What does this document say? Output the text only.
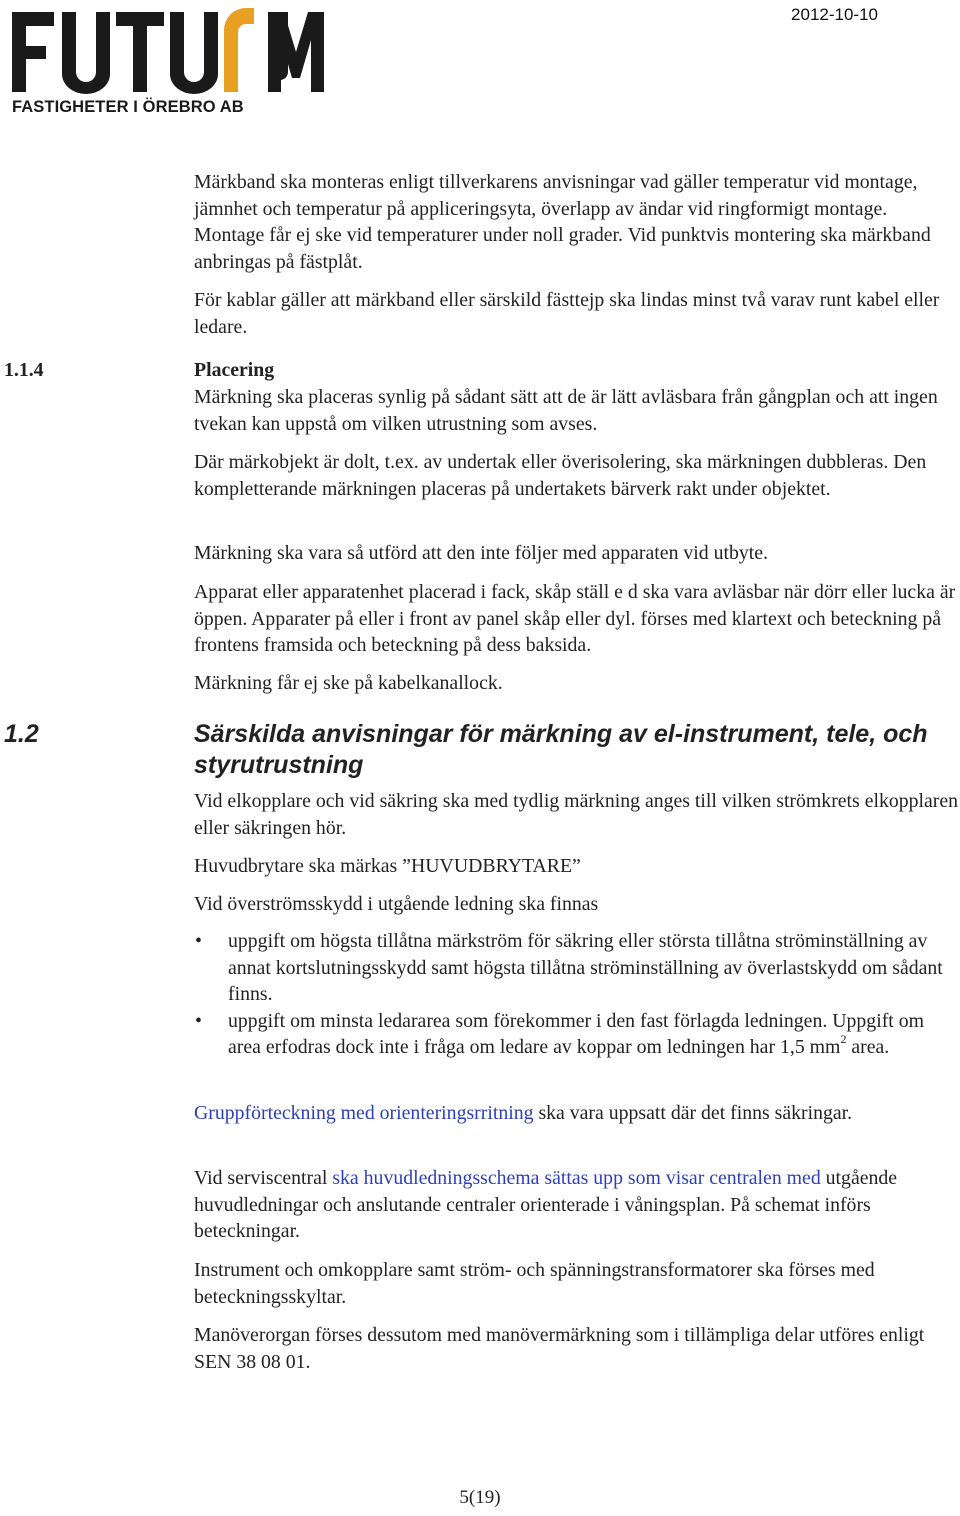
FASTIGHETER I ÖREBRO AB
2012-10-10

Märkband ska monteras enligt tillverkarens anvisningar vad gäller temperatur vid montage, jämnhet och temperatur på appliceringsyta, överlapp av ändar vid ringformigt montage. Montage får ej ske vid temperaturer under noll grader. Vid punktvis montering ska märkband anbringas på fästplåt.

För kablar gäller att märkband eller särskild fästtejp ska lindas minst två varav runt kabel eller ledare.

1.1.4	Placering

Märkning ska placeras synlig på sådant sätt att de är lätt avläsbara från gångplan och att ingen tvekan kan uppstå om vilken utrustning som avses.

Där märkobjekt är dolt, t.ex. av undertak eller överisolering, ska märkningen dubbleras. Den kompletterande märkningen placeras på undertakets bärverk rakt under objektet.

Märkning ska vara så utförd att den inte följer med apparaten vid utbyte.

Apparat eller apparatenhet placerad i fack, skåp ställ e d ska vara avläsbar när dörr eller lucka är öppen. Apparater på eller i front av panel skåp eller dyl. förses med klartext och beteckning på frontens framsida och beteckning på dess baksida.

Märkning får ej ske på kabelkanallock.

1.2	Särskilda anvisningar för märkning av el-instrument, tele, och styrutrustning

Vid elkopplare och vid säkring ska med tydlig märkning anges till vilken strömkrets elkopplaren eller säkringen hör.

Huvudbrytare ska märkas ”HUVUDBRYTARE”

Vid överströmsskydd i utgående ledning ska finnas

• uppgift om högsta tillåtna märkström för säkring eller största tillåtna ströminställning av annat kortslutningsskydd samt högsta tillåtna ströminställning av överlastskydd om sådant finns.
• uppgift om minsta ledararea som förekommer i den fast förlagda ledningen. Uppgift om area erfodras dock inte i fråga om ledare av koppar om ledningen har 1,5 $mm^2$ area.

Gruppförteckning med orienteringsrritning ska vara uppsatt där det finns säkringar.

Vid serviscentral ska huvudledningsschema sättas upp som visar centralen med utgående huvudledningar och anslutande centraler orienterade i våningsplan. På schemat införs beteckningar.

Instrument och omkopplare samt ström- och spänningstransformatorer ska förses med beteckningsskyltar.

Manöverorgan förses dessutom med manövermärkning som i tillämpliga delar utföres enligt SEN 38 08 01.

5(19)
